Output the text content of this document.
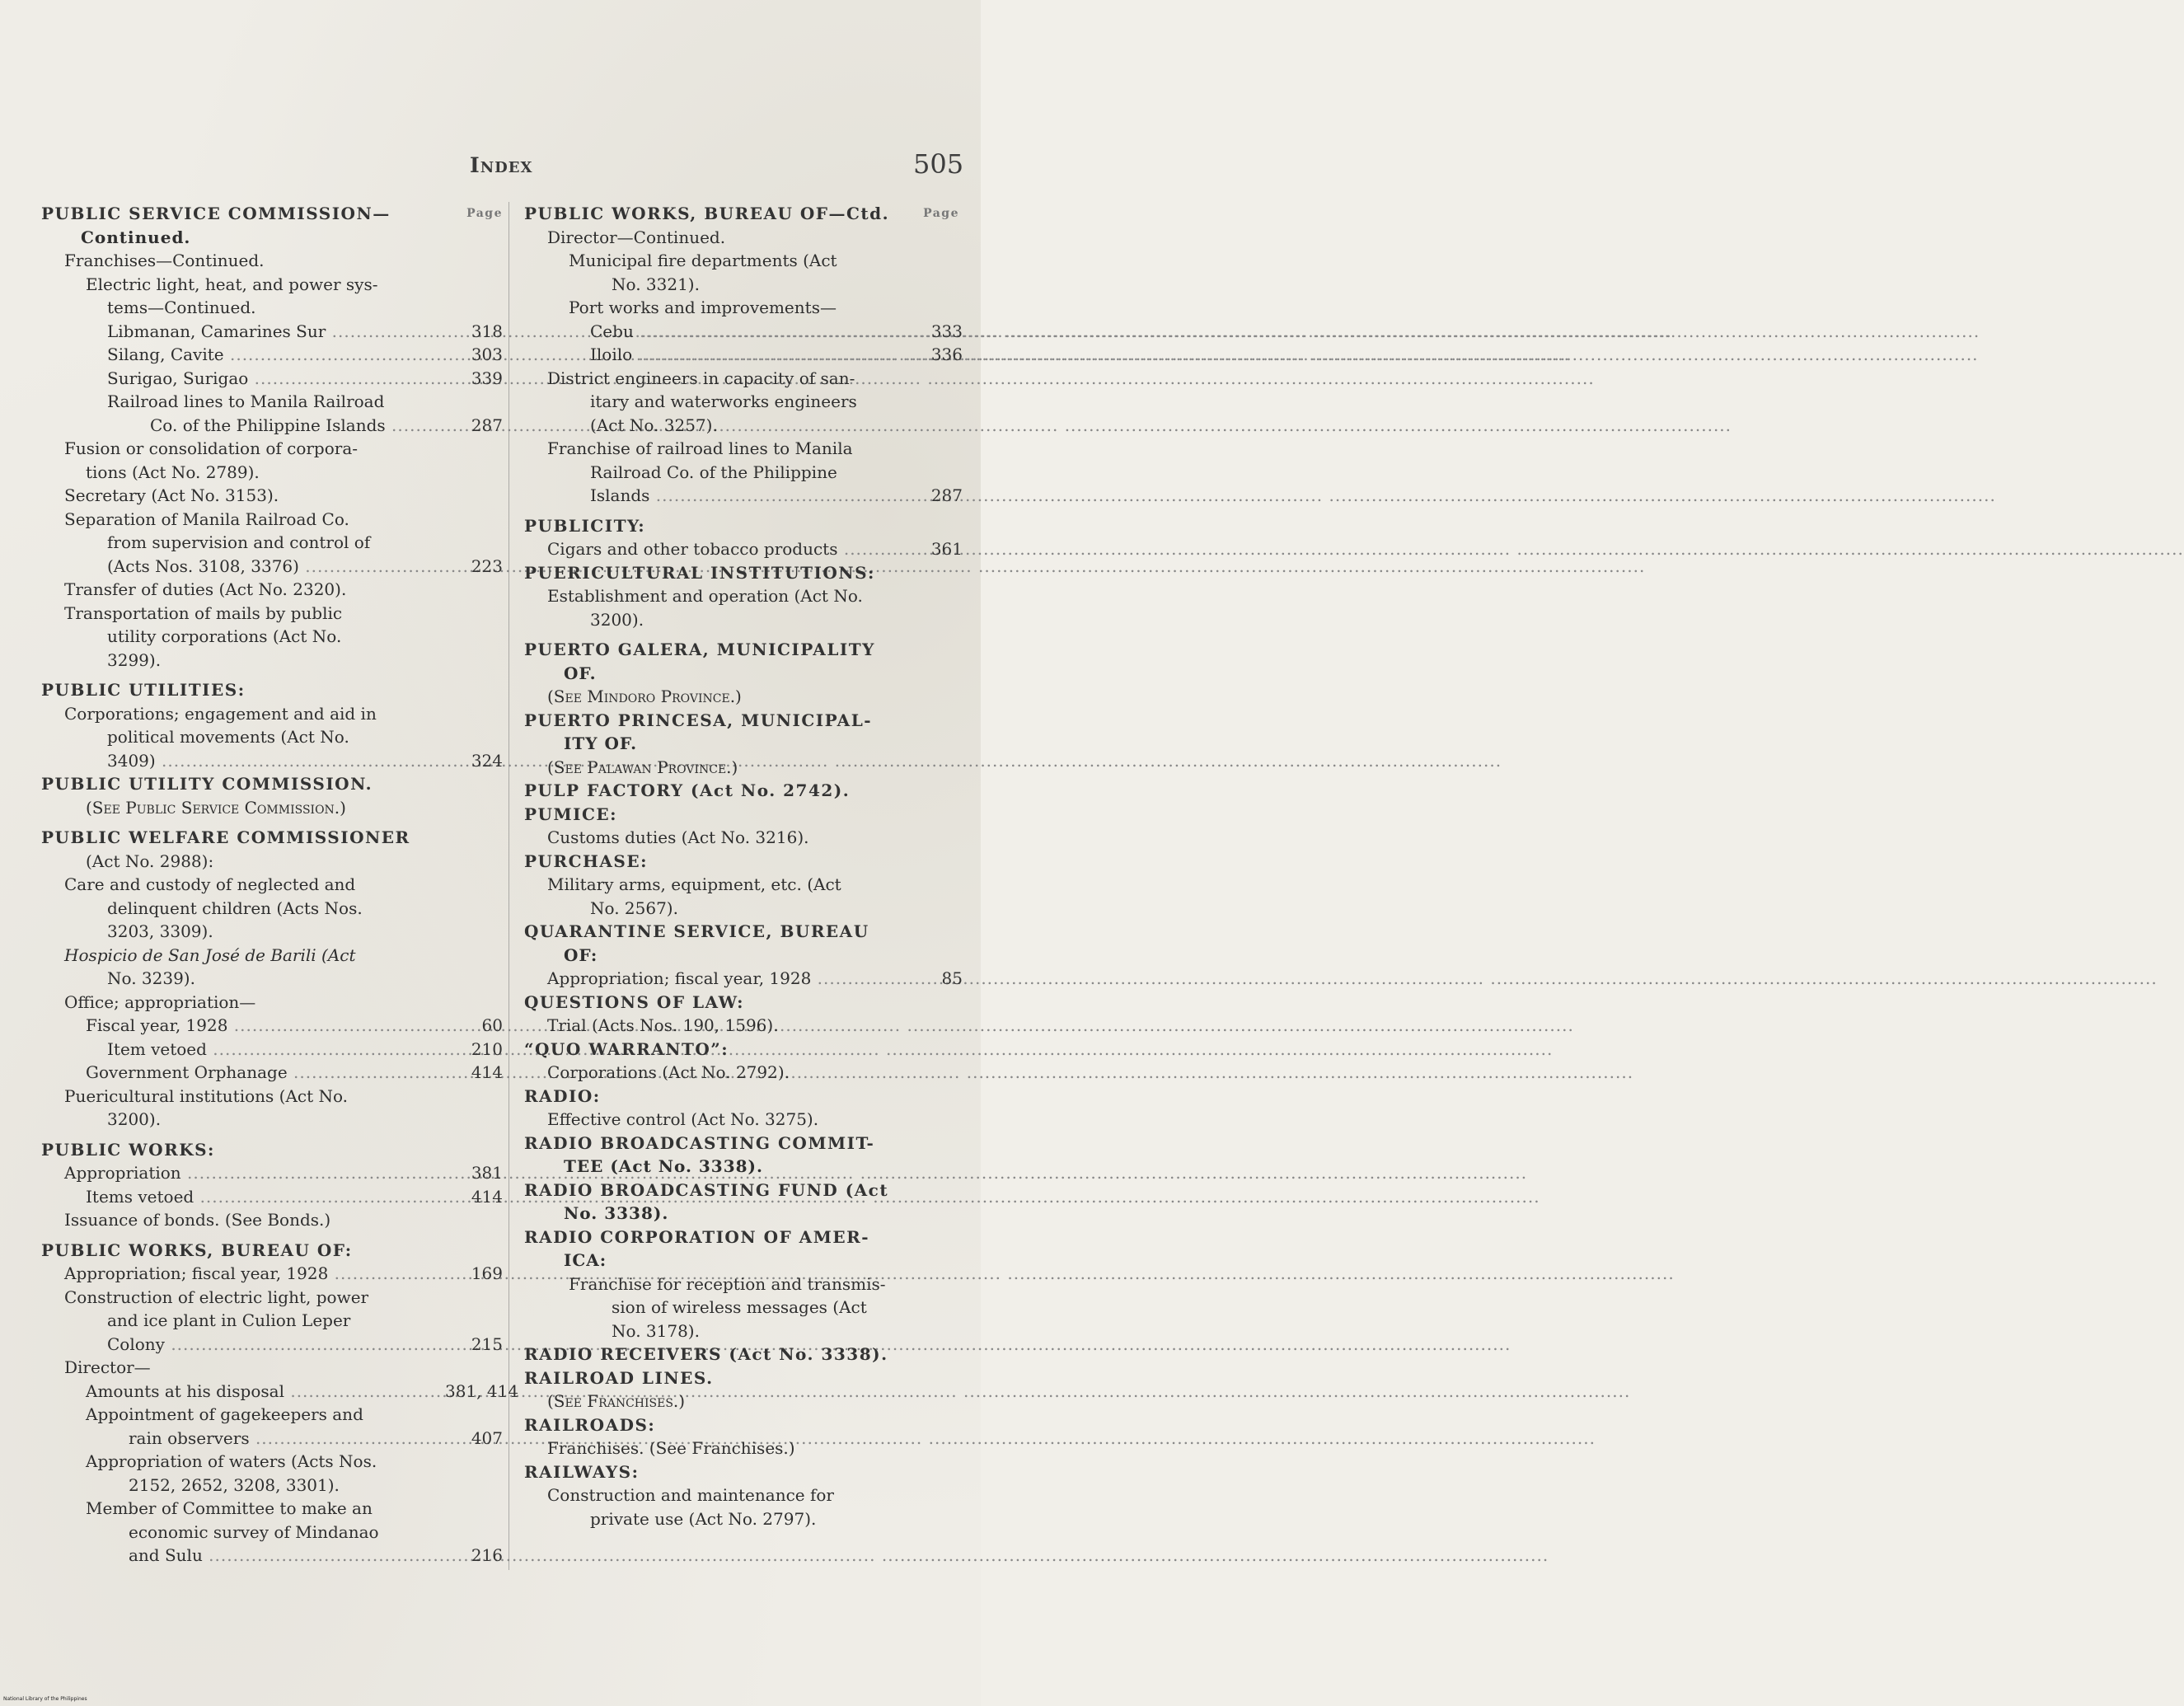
Index	505
PUBLIC SERVICE COMMISSION—	Page
Continued.
Franchises—Continued.
Electric light, heat, and power sys-
tems—Continued.
Libmanan, Camarines Sur .....	318
.....
Silang, Cavite .....	303
.....
Surigao, Surigao .....	339
.....
Railroad lines to Manila Railroad
Co. of the Philippine Islands .....	287
.....
Fusion or consolidation of corpora-
tions (Act No. 2789).
Secretary (Act No. 3153).
Separation of Manila Railroad Co.
from supervision and control of
(Acts Nos. 3108, 3376) .....	223
.....
Transfer of duties (Act No. 2320).
Transportation of mails by public
utility corporations (Act No.
3299).
PUBLIC UTILITIES:
Corporations; engagement and aid in
political movements (Act No.
3409) .....	324
.....
PUBLIC UTILITY COMMISSION.
(See Public Service Commission.)
PUBLIC WELFARE COMMISSIONER
(Act No. 2988):
Care and custody of neglected and
delinquent children (Acts Nos.
3203, 3309).
Hospicio de San José de Barili (Act
No. 3239).
Office; appropriation—
Fiscal year, 1928 .....	60
.....
Item vetoed .....	210
.....
Government Orphanage .....	414
.....
Puericultural institutions (Act No.
3200).
PUBLIC WORKS:
Appropriation .....	381
.....
Items vetoed .....	414
.....
Issuance of bonds. (See Bonds.)
PUBLIC WORKS, BUREAU OF:
Appropriation; fiscal year, 1928 .....	169
.....
Construction of electric light, power
and ice plant in Culion Leper
Colony .....	215
.....
Director—
Amounts at his disposal .....	381, 414
.....
Appointment of gagekeepers and
rain observers .....	407
.....
Appropriation of waters (Acts Nos.
2152, 2652, 3208, 3301).
Member of Committee to make an
economic survey of Mindanao
and Sulu .....	216
.....
PUBLIC WORKS, BUREAU OF—Ctd.	Page
Director—Continued.
Municipal fire departments (Act
No. 3321).
Port works and improvements—
Cebu .....	333
.....
Iloilo .....	336
.....
District engineers in capacity of san-
itary and waterworks engineers
(Act No. 3257).
Franchise of railroad lines to Manila
Railroad Co. of the Philippine
Islands .....	287
.....
PUBLICITY:
Cigars and other tobacco products .....	361
.....
PUERICULTURAL INSTITUTIONS:
Establishment and operation (Act No.
3200).
PUERTO GALERA, MUNICIPALITY
OF.
(See Mindoro Province.)
PUERTO PRINCESA, MUNICIPAL-
ITY OF.
(See Palawan Province.)
PULP FACTORY (Act No. 2742).
PUMICE:
Customs duties (Act No. 3216).
PURCHASE:
Military arms, equipment, etc. (Act
No. 2567).
QUARANTINE SERVICE, BUREAU
OF:
Appropriation; fiscal year, 1928 .....	85
.....
QUESTIONS OF LAW:
Trial (Acts Nos. 190, 1596).
“QUO WARRANTO”:
Corporations (Act No. 2792).
RADIO:
Effective control (Act No. 3275).
RADIO BROADCASTING COMMIT-
TEE (Act No. 3338).
RADIO BROADCASTING FUND (Act
No. 3338).
RADIO CORPORATION OF AMER-
ICA:
Franchise for reception and transmis-
sion of wireless messages (Act
No. 3178).
RADIO RECEIVERS (Act No. 3338).
RAILROAD LINES.
(See Franchises.)
RAILROADS:
Franchises. (See Franchises.)
RAILWAYS:
Construction and maintenance for
private use (Act No. 2797).
National Library of the Philippines
